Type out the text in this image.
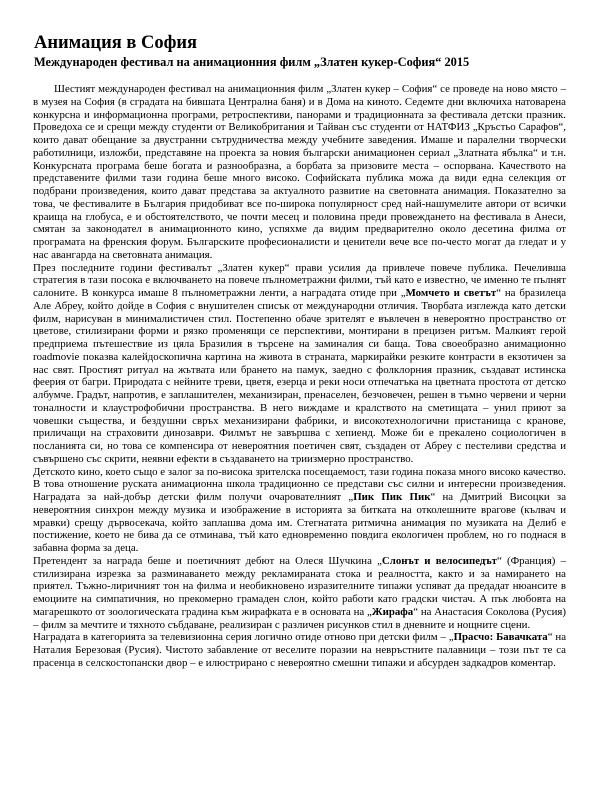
Анимация в София
Международен фестивал на анимационния филм „Златен кукер-София“ 2015

Шестият международен фестивал на анимационния филм „Златен кукер – София“ се проведе на ново място – в музея на София (в сградата на бившата Централна баня) и в Дома на киното. Седемте дни включиха натоварена конкурсна и информационна програми, ретроспективи, панорами и традиционната за фестивала детски празник. Проведоха се и срещи между студенти от Великобритания и Тайван със студенти от НАТФИЗ „Кръстьо Сарафов“, които дават обещание за двустранни сътрудничества между учебните заведения. Имаше и паралелни творчески работилници, изложби, представяне на проекта за новия български анимационен сериал „Златната ябълка“ и т.н. Конкурсната програма беше богата и разнообразна, а борбата за призовите места – оспорвана. Качеството на представените филми тази година беше много високо. Софийската публика можа да види една селекция от подбрани произведения, които дават представа за актуалното развитие на световната анимация. Показателно за това, че фестивалите в България придобиват все по-широка популярност сред най-нашумелите автори от всички краища на глобуса, е и обстоятелството, че почти месец и половина преди провеждането на фестивала в Анеси, смятан за законодател в анимационното кино, успяхме да видим предварително около десетина филма от програмата на френския форум. Българските професионалисти и ценители вече все по-често могат да гледат и у нас авангарда на световната анимация.

През последните години фестивалът „Златен кукер“ прави усилия да привлече повече публика. Печелившa стратегия в тази посока е включването на повече пълнометражни филми, тъй като е известно, че именно те пълнят салоните. В конкурса имаше 8 пълнометражни ленти, а наградата отиде при „Момчето и светът“ на бразилеца Але Абреу, който дойде в София с внушителен списък от международни отличия. Творбата изглежда като детски филм, нарисуван в минималистичен стил. Постепенно обаче зрителят е въвлечен в невероятно пространство от цветове, стилизирани форми и рязко променящи се перспективи, монтирани в прецизен ритъм. Малкият герой предприема пътешествие из цяла Бразилия в търсене на заминалия си баща. Това своеобразно анимационно roadmovie показва калейдоскопична картина на живота в страната, маркирайки резките контрасти в екзотичен за нас свят. Простият ритуал на жътвата или брането на памук, заедно с фолклорния празник, създават истинска феерия от багри. Природата с нейните треви, цветя, езерца и реки носи отпечатъка на цветната простота от детско албумче. Градът, напротив, е заплашителен, механизиран, пренаселен, безчовечен, решен в тъмно червени и черни тоналности и клаустрофобични пространства. В него виждаме и кралството на сметищата – унил приют за човешки същества, и бездушни свръх механизирани фабрики, и високотехнологични пристанища с кранове, приличащи на страховити динозаври. Филмът не завършва с хепиенд. Може би е прекалено социологичен в посланията си, но това се компенсира от невероятния поетичен свят, създаден от Абреу с пестеливи средства и съвършено със скрити, неявни ефекти в създаването на триизмерно пространство.

Детското кино, което също е залог за по-висока зрителска посещаемост, тази година показа много високо качество. В това отношение руската анимационна школа традиционно се представи със силни и интересни произведения. Наградата за най-добър детски филм получи очарователният „Пик Пик Пик“ на Дмитрий Висоцки за невероятния синхрон между музика и изображение в историята за битката на отколешните врагове (кълвач и мравки) срещу дървосекача, който заплашва дома им. Стегнатата ритмична анимация по музиката на Делиб е постижение, което не бива да се отминава, тъй като едновременно повдига екологичен проблем, но го поднася в забавна форма за деца.

Претендент за награда беше и поетичният дебют на Олеся Шучкина „Слонът и велосипедът“ (Франция) – стилизирана изрезка за разминаването между рекламираната стока и реалността, както и за намирането на приятел. Тъжно-лиричният тон на филма и необикновено изразителните типажи успяват да предадат нюансите в емоциите на симпатичния, но прекомерно грамаден слон, който работи като градски чистач. А пък любовта на магарешкото от зоологическата градина към жирафката е в основата на „Жирафа“ на Анастасия Соколова (Русия) – филм за мечтите и тяхното събдаване, реализиран с различен рисунков стил в дневните и нощните сцени.

Наградата в категорията за телевизионна серия логично отиде отново при детски филм – „Прасчо: Бавачката“ на Наталия Березовая (Русия). Чистото забавление от веселите поразии на невръстните палавници – този път те са прасенца в селскостопански двор – е илюстрирано с невероятно смешни типажи и абсурден задкадров коментар.
